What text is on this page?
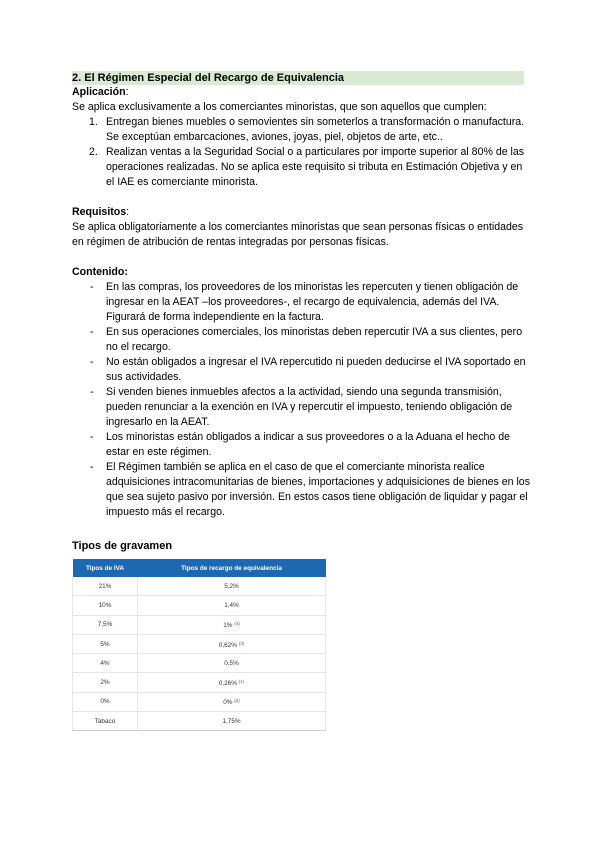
2. El Régimen Especial del Recargo de Equivalencia
Aplicación:

Se aplica exclusivamente a los comerciantes minoristas, que son aquellos que cumplen:

1. Entregan bienes muebles o semovientes sin someterlos a transformación o manufactura. Se exceptúan embarcaciones, aviones, joyas, piel, objetos de arte, etc..
2. Realizan ventas a la Seguridad Social o a particulares por importe superior al 80% de las operaciones realizadas. No se aplica este requisito si tributa en Estimación Objetiva y en el IAE es comerciante minorista.
Requisitos:

Se aplica obligatoriamente a los comerciantes minoristas que sean personas físicas o entidades en régimen de atribución de rentas integradas por personas físicas.

Contenido:
- En las compras, los proveedores de los minoristas les repercuten y tienen obligación de ingresar en la AEAT –los proveedores-, el recargo de equivalencia, además del IVA. Figurará de forma independiente en la factura.
- En sus operaciones comerciales, los minoristas deben repercutir IVA a sus clientes, pero no el recargo.
- No están obligados a ingresar el IVA repercutido ni pueden deducirse el IVA soportado en sus actividades.
- Si venden bienes inmuebles afectos a la actividad, siendo una segunda transmisión, pueden renunciar a la exención en IVA y repercutir el impuesto, teniendo obligación de ingresarlo en la AEAT.
- Los minoristas están obligados a indicar a sus proveedores o a la Aduana el hecho de estar en este régimen.
- El Régimen también se aplica en el caso de que el comerciante minorista realice adquisiciones intracomunitarias de bienes, importaciones y adquisiciones de bienes en los que sea sujeto pasivo por inversión. En estos casos tiene obligación de liquidar y pagar el impuesto más el recargo.
Tipos de gravamen
Tipos de IVA	Tipos de recargo de equivalencia
21%	5,2%
10%	1,4%
7,5%	1% $^{(4)}$
5%	0,62% $^{(3)}$
4%	0,5%
2%	0,26% $^{(1)}$
0%	0% $^{(2)}$
Tabaco	1,75%
